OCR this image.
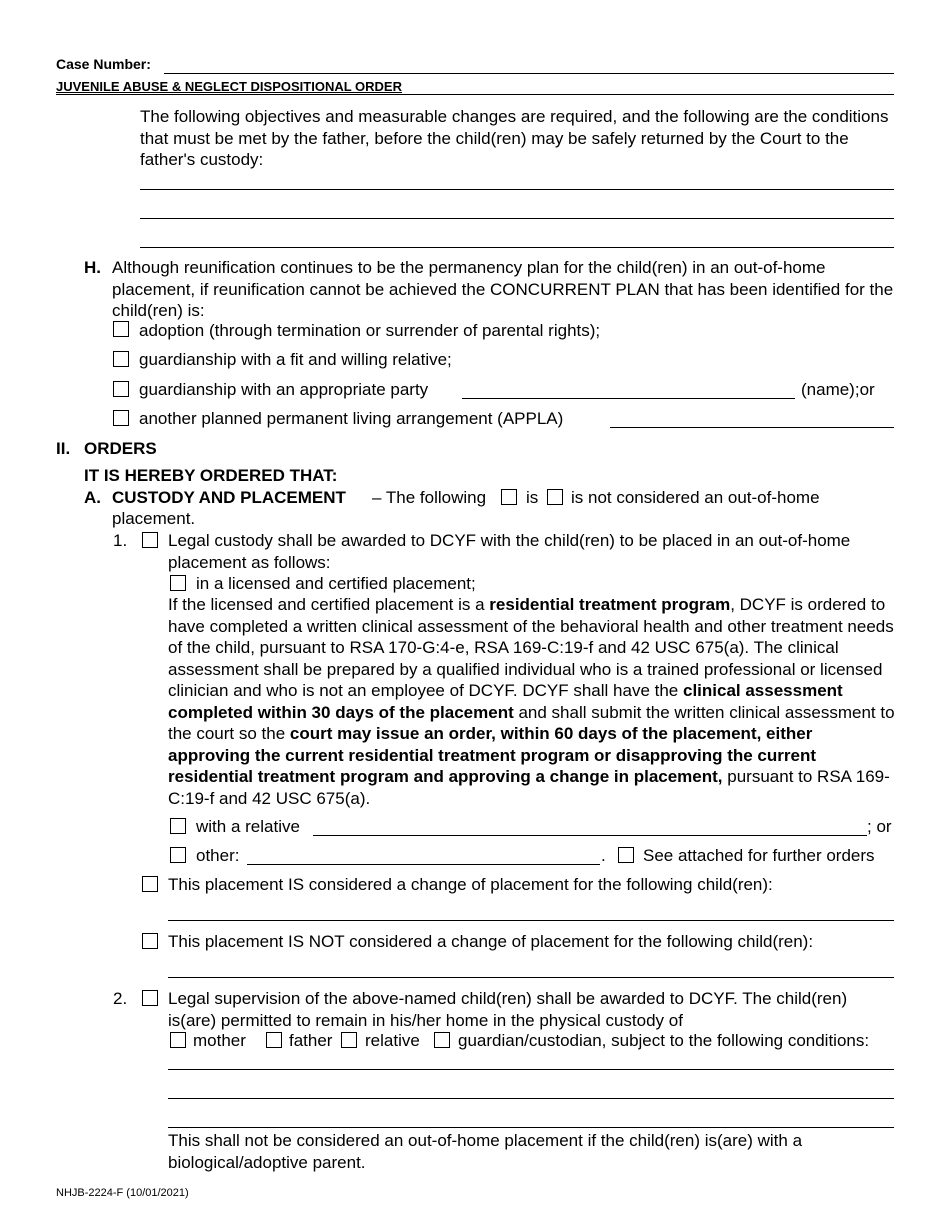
Case Number:
JUVENILE ABUSE & NEGLECT DISPOSITIONAL ORDER
The following objectives and measurable changes are required, and the following are the conditions that must be met by the father, before the child(ren) may be safely returned by the Court to the father's custody:
H. Although reunification continues to be the permanency plan for the child(ren) in an out-of-home placement, if reunification cannot be achieved the CONCURRENT PLAN that has been identified for the child(ren) is:
adoption (through termination or surrender of parental rights);
guardianship with a fit and willing relative;
guardianship with an appropriate party	(name);or
another planned permanent living arrangement (APPLA)
II. ORDERS
IT IS HEREBY ORDERED THAT:
A. CUSTODY AND PLACEMENT – The following is is not considered an out-of-home
placement.
1. Legal custody shall be awarded to DCYF with the child(ren) to be placed in an out-of-home placement as follows:
in a licensed and certified placement;
If the licensed and certified placement is a residential treatment program, DCYF is ordered to have completed a written clinical assessment of the behavioral health and other treatment needs of the child, pursuant to RSA 170-G:4-e, RSA 169-C:19-f and 42 USC 675(a). The clinical assessment shall be prepared by a qualified individual who is a trained professional or licensed clinician and who is not an employee of DCYF. DCYF shall have the clinical assessment completed within 30 days of the placement and shall submit the written clinical assessment to the court so the court may issue an order, within 60 days of the placement, either approving the current residential treatment program or disapproving the current residential treatment program and approving a change in placement, pursuant to RSA 169-C:19-f and 42 USC 675(a).
with a relative	; or
other:	. See attached for further orders
This placement IS considered a change of placement for the following child(ren):
This placement IS NOT considered a change of placement for the following child(ren):
2. Legal supervision of the above-named child(ren) shall be awarded to DCYF. The child(ren) is(are) permitted to remain in his/her home in the physical custody of
mother	father relative guardian/custodian, subject to the following conditions:
This shall not be considered an out-of-home placement if the child(ren) is(are) with a biological/adoptive parent.
NHJB-2224-F (10/01/2021)
